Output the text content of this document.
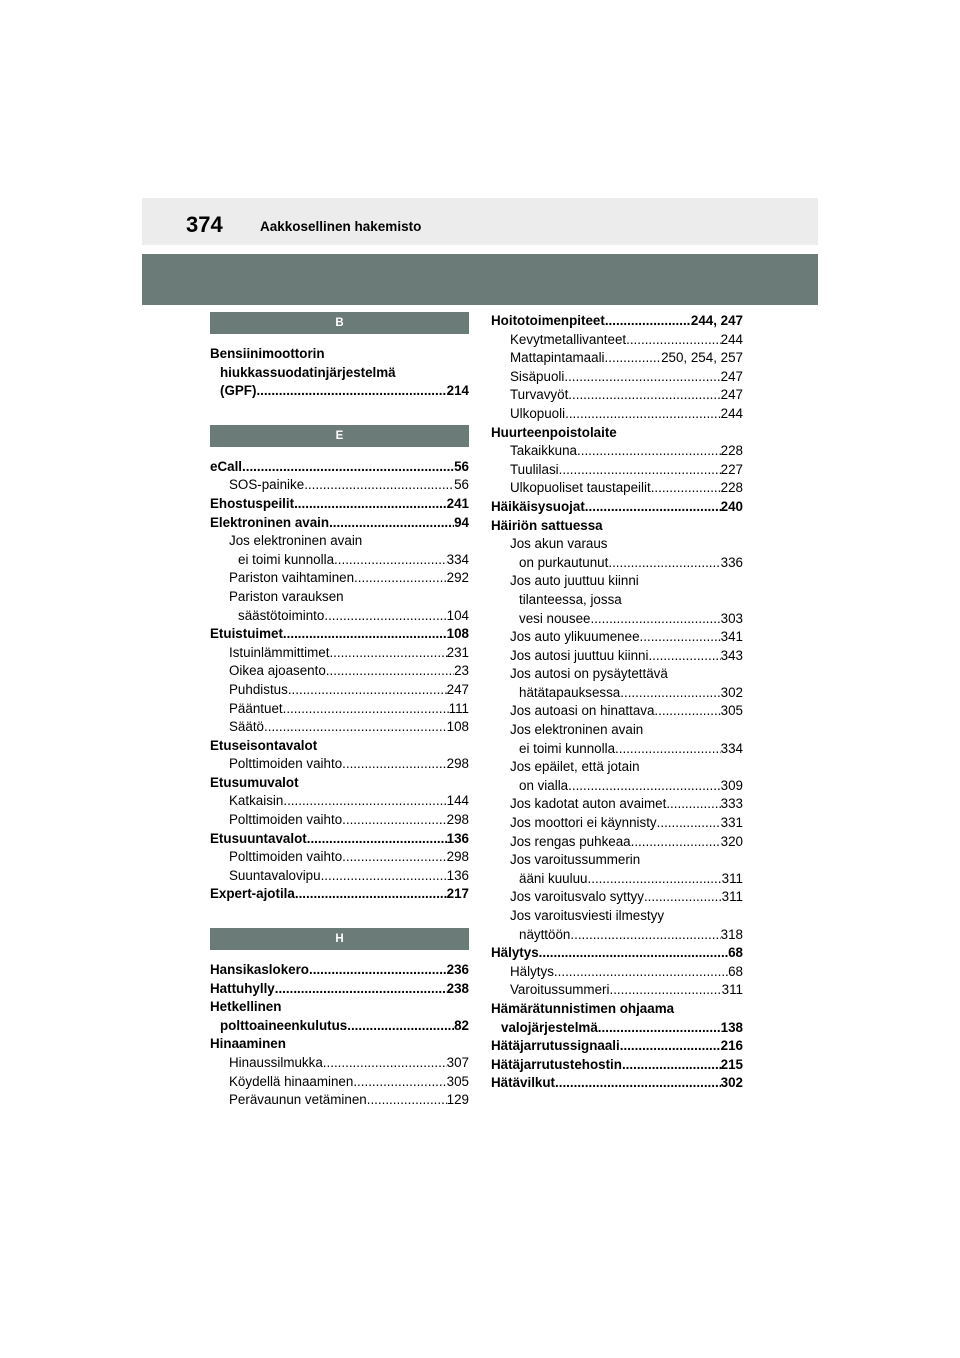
374	Aakkosellinen hakemisto
B
Bensiinimoottorin
hiukkassuodatinjärjestelmä
(GPF) .....	214
E
eCall .....	56
SOS-painike .....	56
Ehostuspeilit .....	241
Elektroninen avain .....	94
Jos elektroninen avain
ei toimi kunnolla .....	334
Pariston vaihtaminen .....	292
Pariston varauksen
säästötoiminto .....	104
Etuistuimet .....	108
Istuinlämmittimet .....	231
Oikea ajoasento .....	23
Puhdistus .....	247
Pääntuet .....	111
Säätö .....	108
Etuseisontavalot
Polttimoiden vaihto .....	298
Etusumuvalot
Katkaisin .....	144
Polttimoiden vaihto .....	298
Etusuuntavalot .....	136
Polttimoiden vaihto .....	298
Suuntavalovipu .....	136
Expert-ajotila .....	217
H
Hansikaslokero .....	236
Hattuhylly .....	238
Hetkellinen
polttoaineenkulutus .....	82
Hinaaminen
Hinaussilmukka .....	307
Köydellä hinaaminen .....	305
Perävaunun vetäminen .....	129
Hoitotoimenpiteet .....	244, 247
Kevytmetallivanteet .....	244
Mattapintamaali .....	250, 254, 257
Sisäpuoli .....	247
Turvavyöt .....	247
Ulkopuoli .....	244
Huurteenpoistolaite
Takaikkuna .....	228
Tuulilasi .....	227
Ulkopuoliset taustapeilit .....	228
Häikäisysuojat .....	240
Häiriön sattuessa
Jos akun varaus
on purkautunut .....	336
Jos auto juuttuu kiinni
tilanteessa, jossa
vesi nousee .....	303
Jos auto ylikuumenee .....	341
Jos autosi juuttuu kiinni .....	343
Jos autosi on pysäytettävä
hätätapauksessa .....	302
Jos autoasi on hinattava .....	305
Jos elektroninen avain
ei toimi kunnolla .....	334
Jos epäilet, että jotain
on vialla .....	309
Jos kadotat auton avaimet .....	333
Jos moottori ei käynnisty .....	331
Jos rengas puhkeaa .....	320
Jos varoitussummerin
ääni kuuluu .....	311
Jos varoitusvalo syttyy .....	311
Jos varoitusviesti ilmestyy
näyttöön .....	318
Hälytys .....	68
Hälytys .....	68
Varoitussummeri .....	311
Hämärätunnistimen ohjaama
valojärjestelmä .....	138
Hätäjarrutussignaali .....	216
Hätäjarrutustehostin .....	215
Hätävilkut .....	302
